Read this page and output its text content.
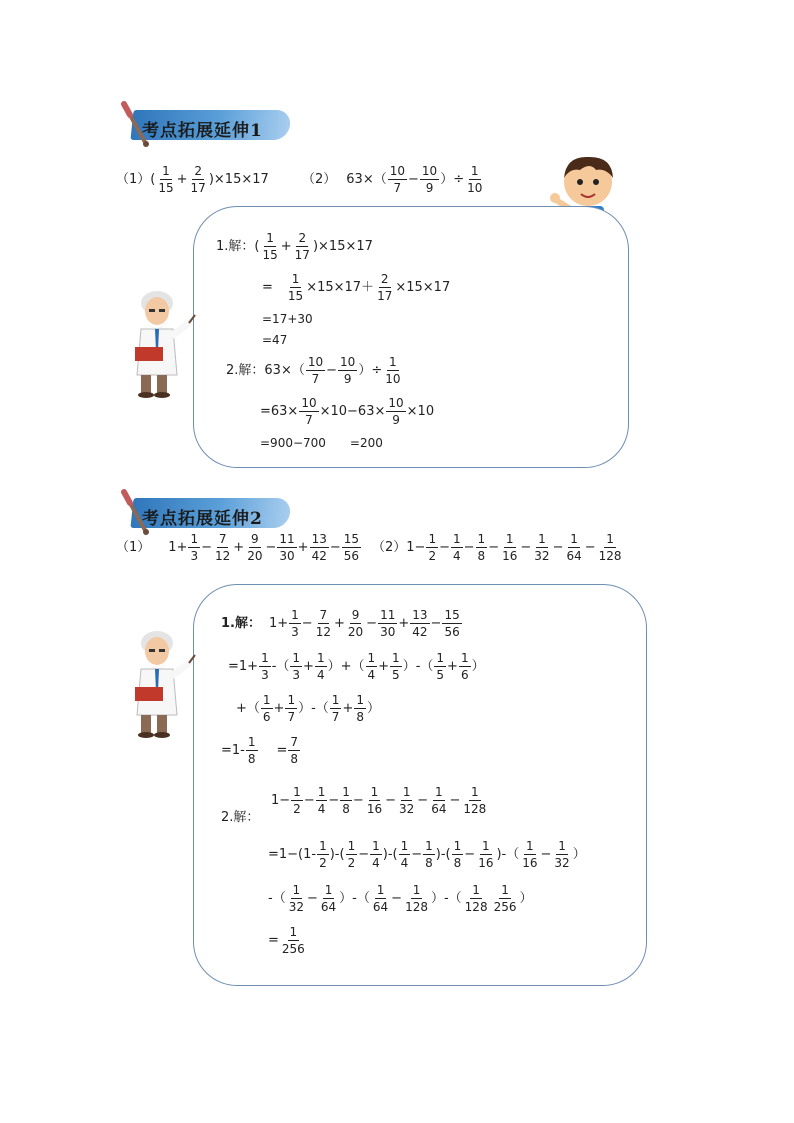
考点拓展延伸1
（1） (
1
15
+ $\frac{2}{17} )\times 15\times 17$	（2） 63×（
10
7
− $\frac{10}{9}$ ）÷ $\frac{1}{10}$
1.解： (
1
15
+ $\frac{2}{17} )\times 15\times 17$
= $\frac{1}{15} \times 15\times 17+ \frac{2}{17} \times 15\times 17$
=17+30
=47
2.解： 63×（
10
7
− $\frac{10}{9}$ ）÷ $\frac{1}{10}$
$=63\times \frac{10}{7} \times 10-63\times \frac{10}{9} \times 10$
=900−700 =200
考点拓展延伸2
（1） $1+ \frac{1}{3} - \frac{7}{12} + \frac{9}{20} - \frac{11}{30} + \frac{13}{42} - \frac{15}{56} (2)$ $1- \frac{1}{2} - \frac{1}{4} - \frac{1}{8} - \frac{1}{16} - \frac{1}{32} - \frac{1}{64} - \frac{1}{128}$
1.解： $1+ \frac{1}{3} - \frac{7}{12} + \frac{9}{20} - \frac{11}{30} + \frac{13}{42} - \frac{15}{56}$
$=1+ \frac{1}{3}$ -（
1
3
+ $\frac{1}{4}$ ）+（
1
4
+ $\frac{1}{5}$ ）-（
1
5
+ $\frac{1}{6}$ ）
+（
1
6
+ $\frac{1}{7}$ ）-（
1
7
+ $\frac{1}{8}$ ）
=1-
1
8
= $\frac{7}{8}$
$1- \frac{1}{2} - \frac{1}{4} - \frac{1}{8} - \frac{1}{16} - \frac{1}{32} - \frac{1}{64} - \frac{1}{128}$
2.解：
=1−(1-
1
2
)-(
1
2
− $\frac{1}{4}$ )-(
1
4
− $\frac{1}{8}$ )-(
1
8
− $\frac{1}{16}$ )-（
1
16
− $\frac{1}{32}$ ）
-（
1
32
− $\frac{1}{64}$ ）-（
1
64
− $\frac{1}{128}$ ）-（
1
128
1
256
）
= $\frac{1}{256}$
